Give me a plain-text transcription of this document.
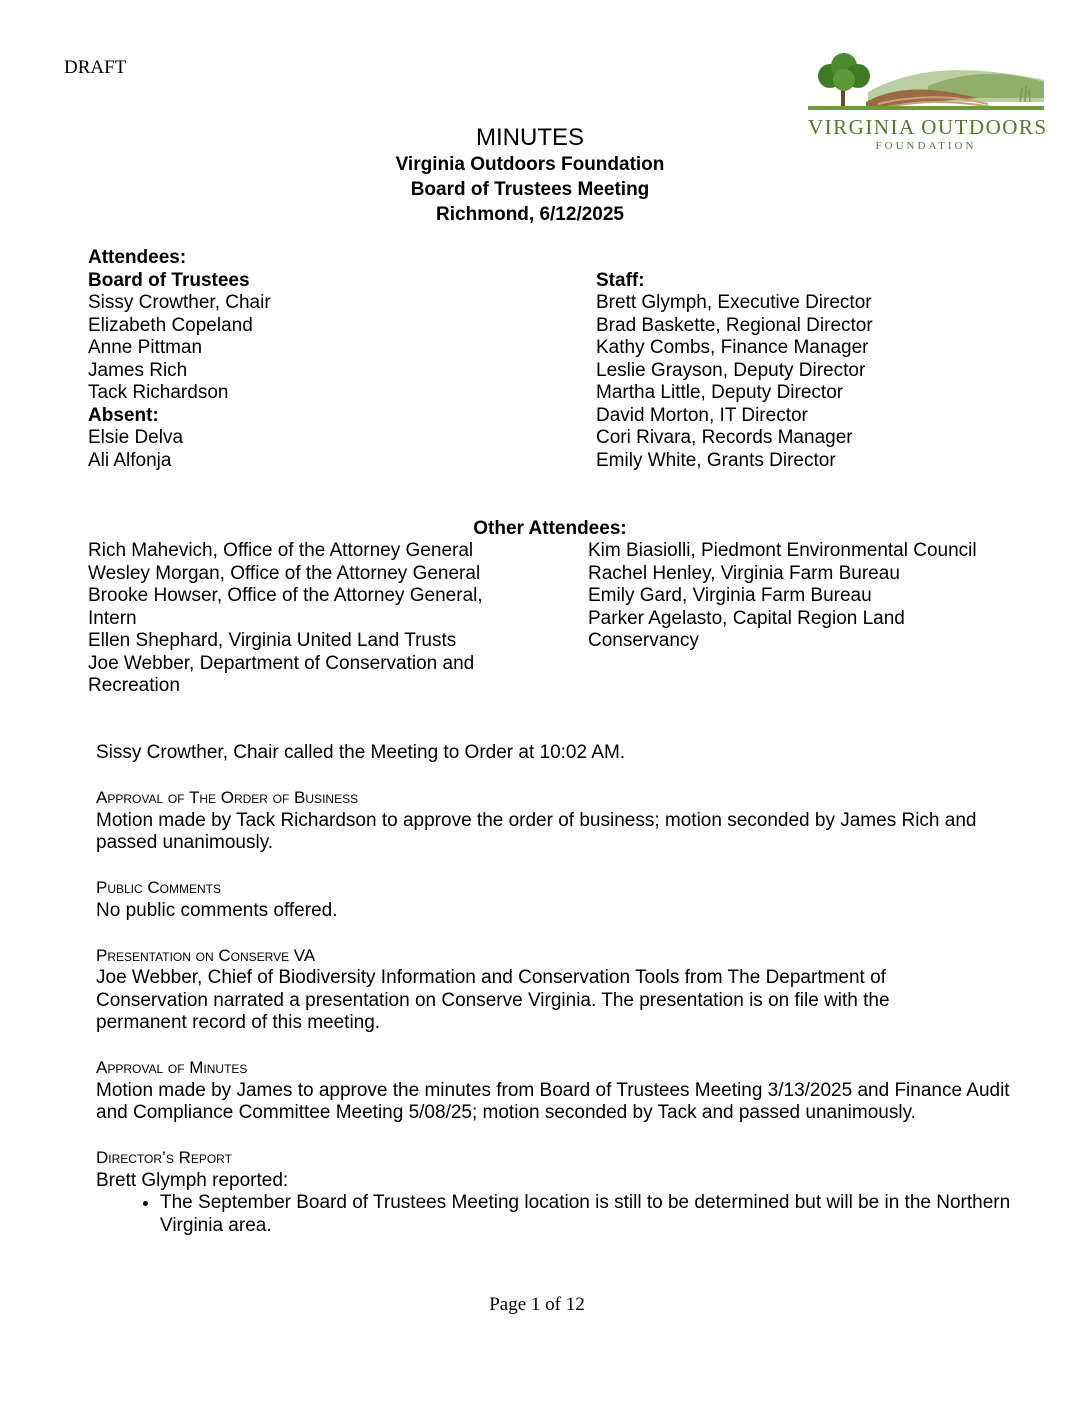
DRAFT
VIRGINIA OUTDOORS
FOUNDATION
MINUTES
Virginia Outdoors Foundation
Board of Trustees Meeting
Richmond, 6/12/2025
Attendees:
Board of Trustees
Sissy Crowther, Chair
Elizabeth Copeland
Anne Pittman
James Rich
Tack Richardson
Absent:
Elsie Delva
Ali Alfonja
Staff:
Brett Glymph, Executive Director
Brad Baskette, Regional Director
Kathy Combs, Finance Manager
Leslie Grayson, Deputy Director
Martha Little, Deputy Director
David Morton, IT Director
Cori Rivara, Records Manager
Emily White, Grants Director
Other Attendees:
Rich Mahevich, Office of the Attorney General
Wesley Morgan, Office of the Attorney General
Brooke Howser, Office of the Attorney General,
Intern
Ellen Shephard, Virginia United Land Trusts
Joe Webber, Department of Conservation and
Recreation
Kim Biasiolli, Piedmont Environmental Council
Rachel Henley, Virginia Farm Bureau
Emily Gard, Virginia Farm Bureau
Parker Agelasto, Capital Region Land
Conservancy

Sissy Crowther, Chair called the Meeting to Order at 10:02 AM.

Approval of The Order of Business

Motion made by Tack Richardson to approve the order of business; motion seconded by James Rich and passed unanimously.

Public Comments

No public comments offered.

Presentation on Conserve VA

Joe Webber, Chief of Biodiversity Information and Conservation Tools from The Department of Conservation narrated a presentation on Conserve Virginia. The presentation is on file with the permanent record of this meeting.

Approval of Minutes

Motion made by James to approve the minutes from Board of Trustees Meeting 3/13/2025 and Finance Audit and Compliance Committee Meeting 5/08/25; motion seconded by Tack and passed unanimously.

Director’s Report

Brett Glymph reported:

• The September Board of Trustees Meeting location is still to be determined but will be in the Northern Virginia area.
Page 1 of 12
